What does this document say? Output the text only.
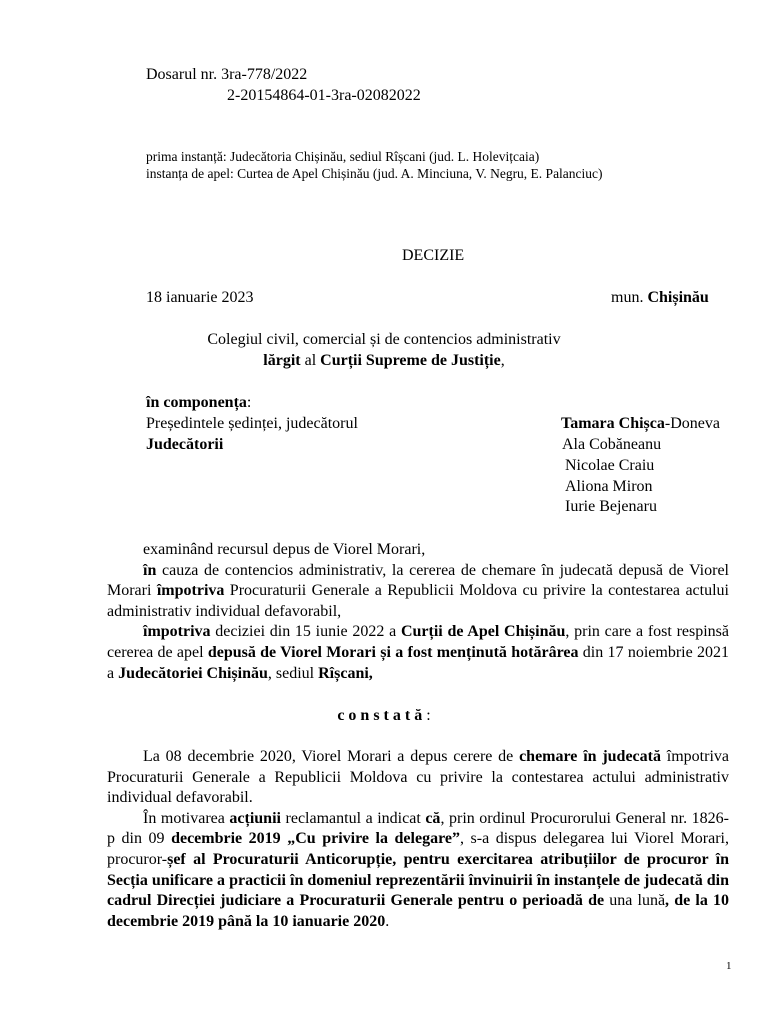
Dosarul nr. 3ra-778/2022
2-20154864-01-3ra-02082022
prima instanță: Judecătoria Chișinău, sediul Rîșcani (jud. L. Holevițcaia)
instanța de apel: Curtea de Apel Chișinău (jud. A. Minciuna, V. Negru, E. Palanciuc)
DECIZIE
18 ianuarie 2023	mun. Chișinău
Colegiul civil, comercial și de contencios administrativ
lărgit al Curții Supreme de Justiție,
în componența:
Președintele ședinței, judecătorul
Judecătorii
Tamara Chișca-Doneva
Ala Cobăneanu
Nicolae Craiu
Aliona Miron
Iurie Bejenaru

examinând recursul depus de Viorel Morari,

în cauza de contencios administrativ, la cererea de chemare în judecată depusă de Viorel Morari împotriva Procuraturii Generale a Republicii Moldova cu privire la contestarea actului administrativ individual defavorabil,

împotriva deciziei din 15 iunie 2022 a Curții de Apel Chișinău, prin care a fost respinsă cererea de apel depusă de Viorel Morari și a fost menținută hotărârea din 17 noiembrie 2021 a Judecătoriei Chișinău, sediul Rîșcani,

constată:

La 08 decembrie 2020, Viorel Morari a depus cerere de chemare în judecată împotriva Procuraturii Generale a Republicii Moldova cu privire la contestarea actului administrativ individual defavorabil.

În motivarea acțiunii reclamantul a indicat că, prin ordinul Procurorului General nr. 1826-p din 09 decembrie 2019 „Cu privire la delegare”, s-a dispus delegarea lui Viorel Morari, procuror-șef al Procuraturii Anticorupție, pentru exercitarea atribuțiilor de procuror în Secția unificare a practicii în domeniul reprezentării învinuirii în instanțele de judecată din cadrul Direcției judiciare a Procuraturii Generale pentru o perioadă de una lună, de la 10 decembrie 2019 până la 10 ianuarie 2020.

1
